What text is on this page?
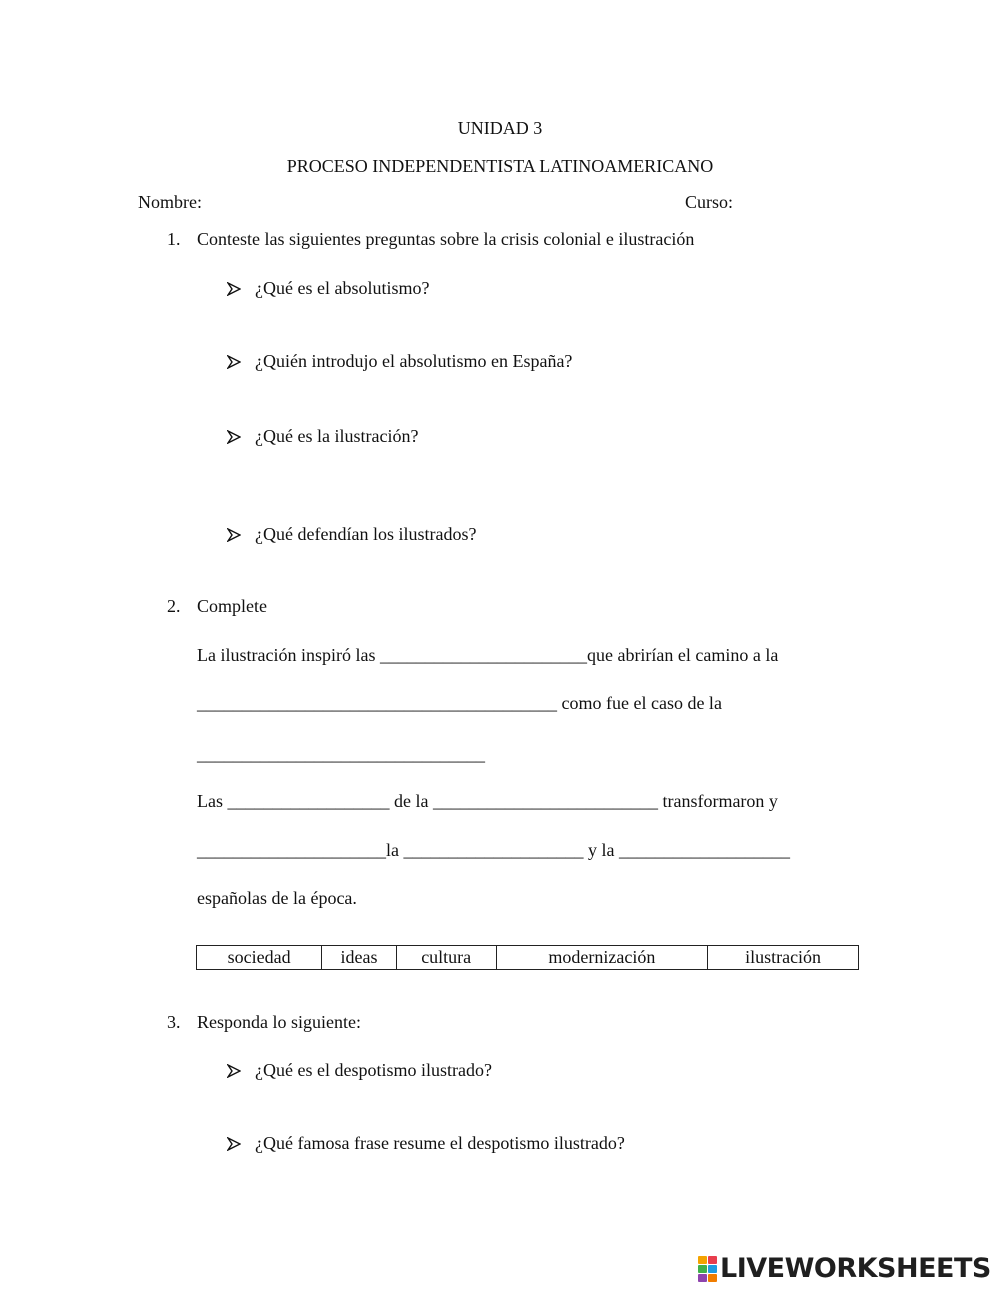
UNIDAD 3
PROCESO INDEPENDENTISTA LATINOAMERICANO
Nombre:	Curso:
1. Conteste las siguientes preguntas sobre la crisis colonial e ilustración
¿Qué es el absolutismo?
¿Quién introdujo el absolutismo en España?
¿Qué es la ilustración?
¿Qué defendían los ilustrados?
2. Complete
La ilustración inspiró las _______________________que abrirían el camino a la
________________________________________ como fue el caso de la
________________________________
Las __________________ de la _________________________ transformaron y
_____________________la ____________________ y la ___________________
españolas de la época.
sociedad	ideas	cultura	modernización	ilustración
3. Responda lo siguiente:
¿Qué es el despotismo ilustrado?
¿Qué famosa frase resume el despotismo ilustrado?
LIVEWORKSHEETS
